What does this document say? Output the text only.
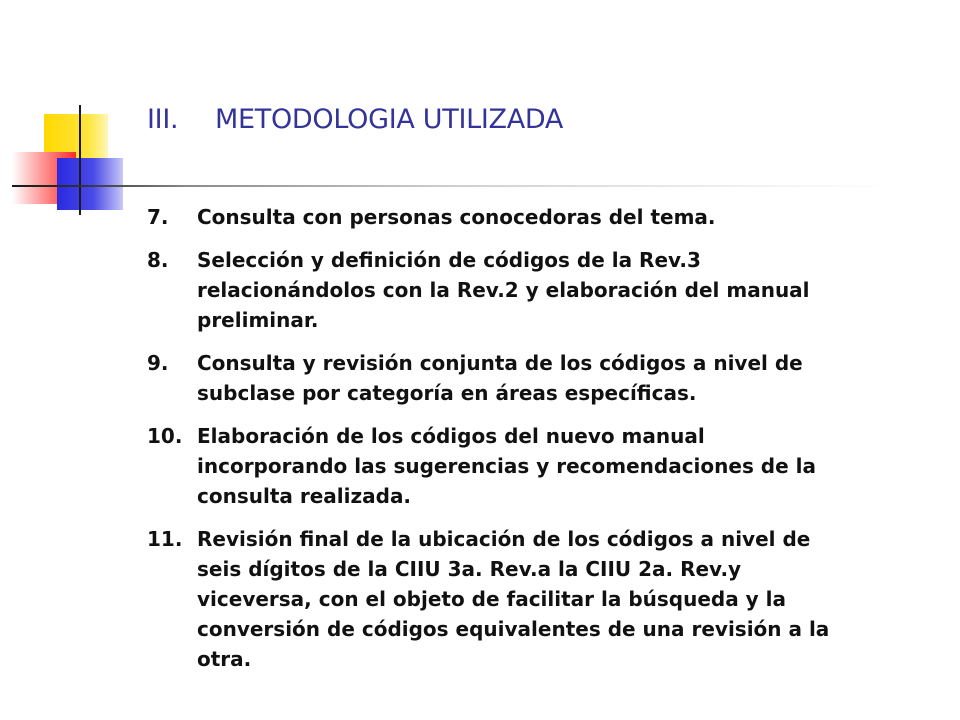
III. METODOLOGIA UTILIZADA
7.	Consulta con personas conocedoras del tema.
8.	Selección y definición de códigos de la Rev.3 relacionándolos con la Rev.2 y elaboración del manual preliminar.
9.	Consulta y revisión conjunta de los códigos a nivel de subclase por categoría en áreas específicas.
10. Elaboración de los códigos del nuevo manual incorporando las sugerencias y recomendaciones de la consulta realizada.
11. Revisión final de la ubicación de los códigos a nivel de seis dígitos de la CIIU 3a. Rev.a la CIIU 2a. Rev.y viceversa, con el objeto de facilitar la búsqueda y la conversión de códigos equivalentes de una revisión a la otra.
